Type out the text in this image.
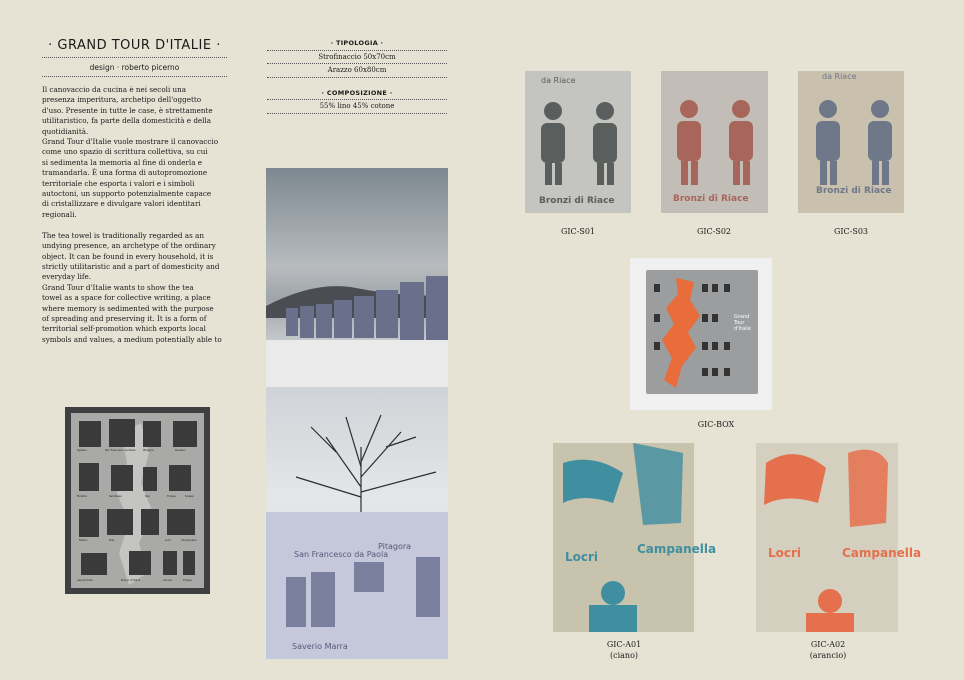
· GRAND TOUR D'ITALIE ·
design · roberto picerno
Il canovaccio da cucina è nei secoli una
presenza imperitura, archetipo dell'oggetto
d'uso. Presente in tutte le case, è strettamente
utilitaristico, fa parte della domesticità e della
quotidianità.
Grand Tour d'Italie vuole mostrare il canovaccio
come uno spazio di scrittura collettiva, su cui
si sedimenta la memoria al fine di onderla e
tramandarla. È una forma di autopromozione
territoriale che esporta i valori e i simboli
autoctoni, un supporto potenzialmente capace
di cristallizzare e divulgare valori identitari
regionali.

The tea towel is traditionally regarded as an
undying presence, an archetype of the ordinary
object. It can be found in every household, it is
strictly utilitaristic and a part of domesticity and
everyday life.
Grand Tour d'Italie wants to show the tea
towel as a space for collective writing, a place
where memory is sedimented with the purpose
of spreading and preserving it. It is a form of
territorial self-promotion which exports local
symbols and values, a medium potentially able to
· TIPOLOGIA ·
Strofinaccio 50x70cm
Arazzo 60x80cm
· COMPOSIZIONE ·
55% lino 45% cotone
Sybaris	San Francesco da Paola	Pitagora	Rossano
Molokia	Sambiase	Sila	Tropea	Scalea
Tetano	Bria	Locri	Campanella
Aspromonte	Bronzi di Riace	Alcune	Tropea
San Francesco da Paola
Pitagora
Saverio Marra
da Riace
Bronzi di Riace
GIC-S01
Bronzi di Riace
GIC-S02
da Riace
Bronzi di Riace
GIC-S03
Grand Tour d'Italie
GIC-BOX
Locri
Campanella
GIC-A01
(ciano)
Locri	Campanella
GIC-A02
(arancio)
